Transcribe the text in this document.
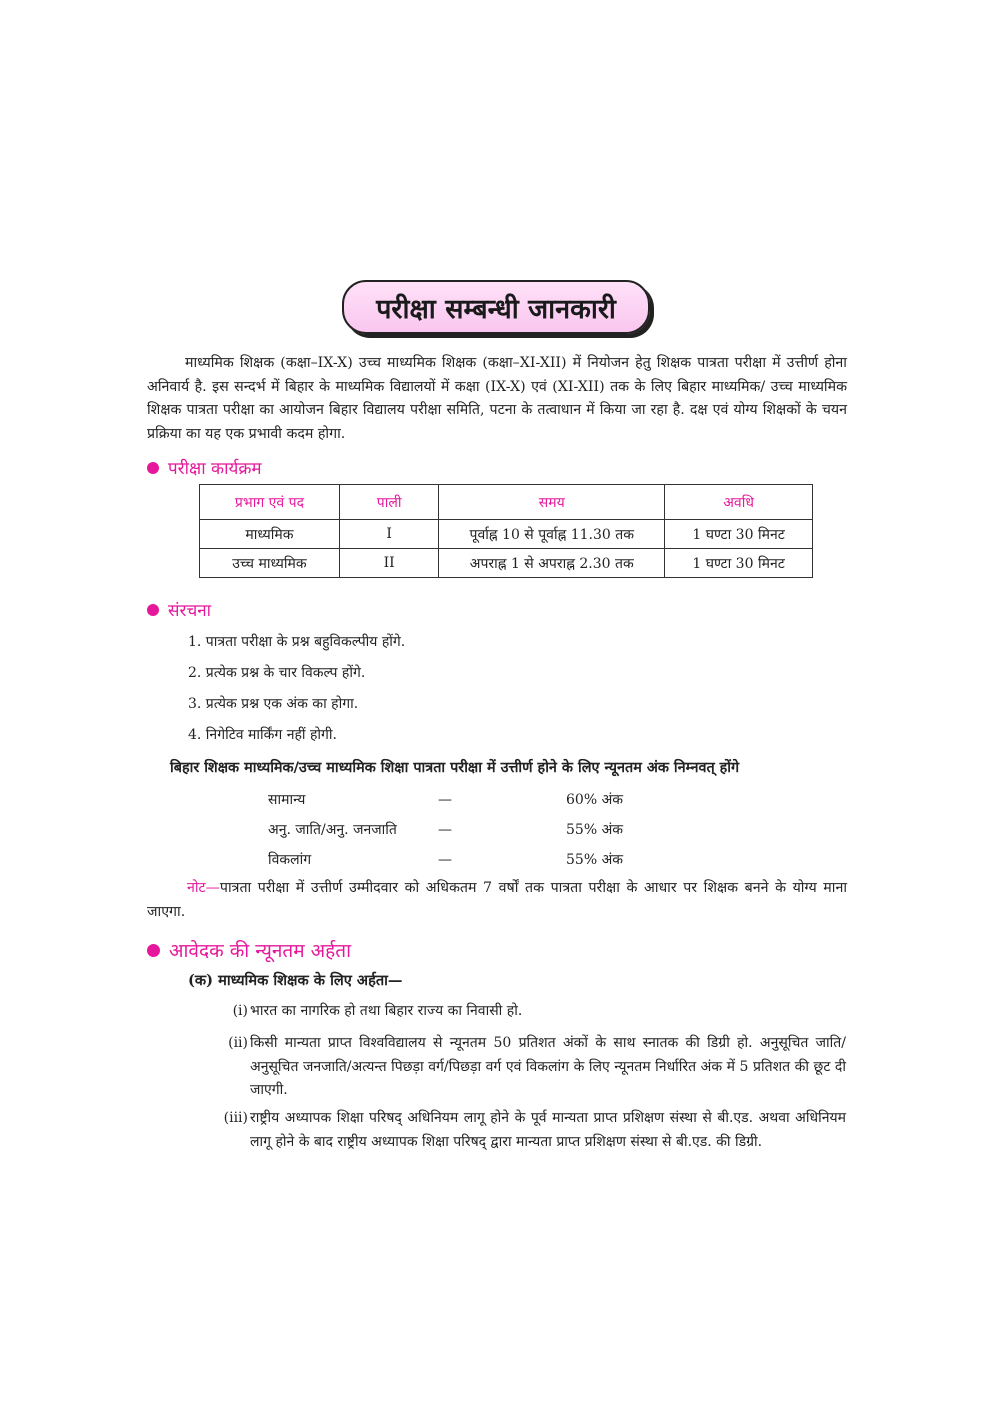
परीक्षा सम्बन्धी जानकारी

माध्यमिक शिक्षक (कक्षा–IX-X) उच्च माध्यमिक शिक्षक (कक्षा–XI-XII) में नियोजन हेतु शिक्षक पात्रता परीक्षा में उत्तीर्ण होना अनिवार्य है. इस सन्दर्भ में बिहार के माध्यमिक विद्यालयों में कक्षा (IX-X) एवं (XI-XII) तक के लिए बिहार माध्यमिक/ उच्च माध्यमिक शिक्षक पात्रता परीक्षा का आयोजन बिहार विद्यालय परीक्षा समिति, पटना के तत्वाधान में किया जा रहा है. दक्ष एवं योग्य शिक्षकों के चयन प्रक्रिया का यह एक प्रभावी कदम होगा.

परीक्षा कार्यक्रम
प्रभाग एवं पद	पाली	समय	अवधि
माध्यमिक	I	पूर्वाह्न 10 से पूर्वाह्न 11.30 तक	1 घण्टा 30 मिनट
उच्च माध्यमिक	II	अपराह्न 1 से अपराह्न 2.30 तक	1 घण्टा 30 मिनट
संरचना
1. पात्रता परीक्षा के प्रश्न बहुविकल्पीय होंगे.
2. प्रत्येक प्रश्न के चार विकल्प होंगे.
3. प्रत्येक प्रश्न एक अंक का होगा.
4. निगेटिव मार्किंग नहीं होगी.
बिहार शिक्षक माध्यमिक/उच्च माध्यमिक शिक्षा पात्रता परीक्षा में उत्तीर्ण होने के लिए न्यूनतम अंक निम्नवत् होंगे
सामान्य	—	60% अंक
अनु. जाति/अनु. जनजाति	—	55% अंक
विकलांग	—	55% अंक

नोट—पात्रता परीक्षा में उत्तीर्ण उम्मीदवार को अधिकतम 7 वर्षों तक पात्रता परीक्षा के आधार पर शिक्षक बनने के योग्य माना जाएगा.

आवेदक की न्यूनतम अर्हता
(क) माध्यमिक शिक्षक के लिए अर्हता—
(i) भारत का नागरिक हो तथा बिहार राज्य का निवासी हो.
(ii) किसी मान्यता प्राप्त विश्वविद्यालय से न्यूनतम 50 प्रतिशत अंकों के साथ स्नातक की डिग्री हो. अनुसूचित जाति/ अनुसूचित जनजाति/अत्यन्त पिछड़ा वर्ग/पिछड़ा वर्ग एवं विकलांग के लिए न्यूनतम निर्धारित अंक में 5 प्रतिशत की छूट दी जाएगी.
(iii) राष्ट्रीय अध्यापक शिक्षा परिषद् अधिनियम लागू होने के पूर्व मान्यता प्राप्त प्रशिक्षण संस्था से बी.एड. अथवा अधिनियम लागू होने के बाद राष्ट्रीय अध्यापक शिक्षा परिषद् द्वारा मान्यता प्राप्त प्रशिक्षण संस्था से बी.एड. की डिग्री.
